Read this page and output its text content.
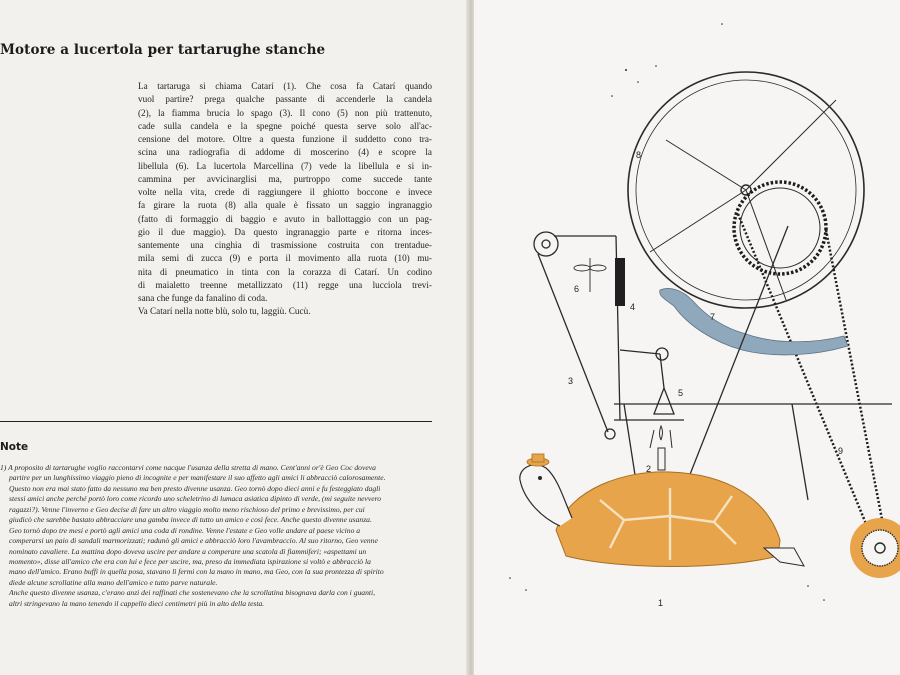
Motore a lucertola per tartarughe stanche
La tartaruga si chiama Catarí (1). Che cosa fa Catarí quando
vuol partire? prega qualche passante di accenderle la candela
(2), la fiamma brucia lo spago (3). Il cono (5) non più trattenuto,
cade sulla candela e la spegne poiché questa serve solo all'ac-
censione del motore. Oltre a questa funzione il suddetto cono tra-
scina una radiografia di addome di moscerino (4) e scopre la
libellula (6). La lucertola Marcellina (7) vede la libellula e si in-
cammina per avvicinarglisi ma, purtroppo come succede tante
volte nella vita, crede di raggiungere il ghiotto boccone e invece
fa girare la ruota (8) alla quale è fissato un saggio ingranaggio
(fatto di formaggio di baggio e avuto in ballottaggio con un pag-
gio il due maggio). Da questo ingranaggio parte e ritorna inces-
santemente una cinghia di trasmissione costruita con trentadue-
mila semi di zucca (9) e porta il movimento alla ruota (10) mu-
nita di pneumatico in tinta con la corazza di Catarí. Un codino
di maialetto treenne metallizzato (11) regge una lucciola trevi-
sana che funge da fanalino di coda.
Va Catarí nella notte blù, solo tu, laggiù. Cucù.
Note
1) A proposito di tartarughe voglio raccontarvi come nacque l'usanza della stretta di mano. Cent'anni or'è Geo Coc doveva
partire per un lunghissimo viaggio pieno di incognite e per manifestare il suo affetto agli amici li abbracciò calorosamente.
Questo non era mai stato fatto da nessuno ma ben presto divenne usanza. Geo tornò dopo dieci anni e fu festeggiato dagli
stessi amici anche perché portò loro come ricordo uno scheletrino di lumaca asiatica dipinto di verde, (mi seguite nevvero
ragazzi?). Venne l'inverno e Geo decise di fare un altro viaggio molto meno rischioso del primo e brevissimo, per cui
giudicò che sarebbe bastato abbracciare una gamba invece di tutto un amico e così fece. Anche questo divenne usanza.
Geo tornò dopo tre mesi e portò agli amici una coda di rondine. Venne l'estate e Geo volle andare al paese vicino a
comperarsi un paio di sandali marmorizzati; radunò gli amici e abbracciò loro l'avambraccio. Al suo ritorno, Geo venne
nominato cavaliere. La mattina dopo doveva uscire per andare a comperare una scatola di fiammiferi; «aspettami un
momento», disse all'amico che era con lui e fece per uscire, ma, preso da immediata ispirazione si voltò e abbracciò la
mano dell'amico. Erano buffi in quella posa, stavano lì fermi con la mano in mano, ma Geo, con la sua prontezza di spirito
diede alcune scrollatine alla mano dell'amico e tutto parve naturale.
Anche questo divenne usanza, c'erano anzi dei raffinati che sostenevano che la scrollatina bisognava darla con i guanti,
altri stringevano la mano tenendo il cappello dieci centimetri più in alto della testa.	1
2
3
4
5
6
7
8
9
